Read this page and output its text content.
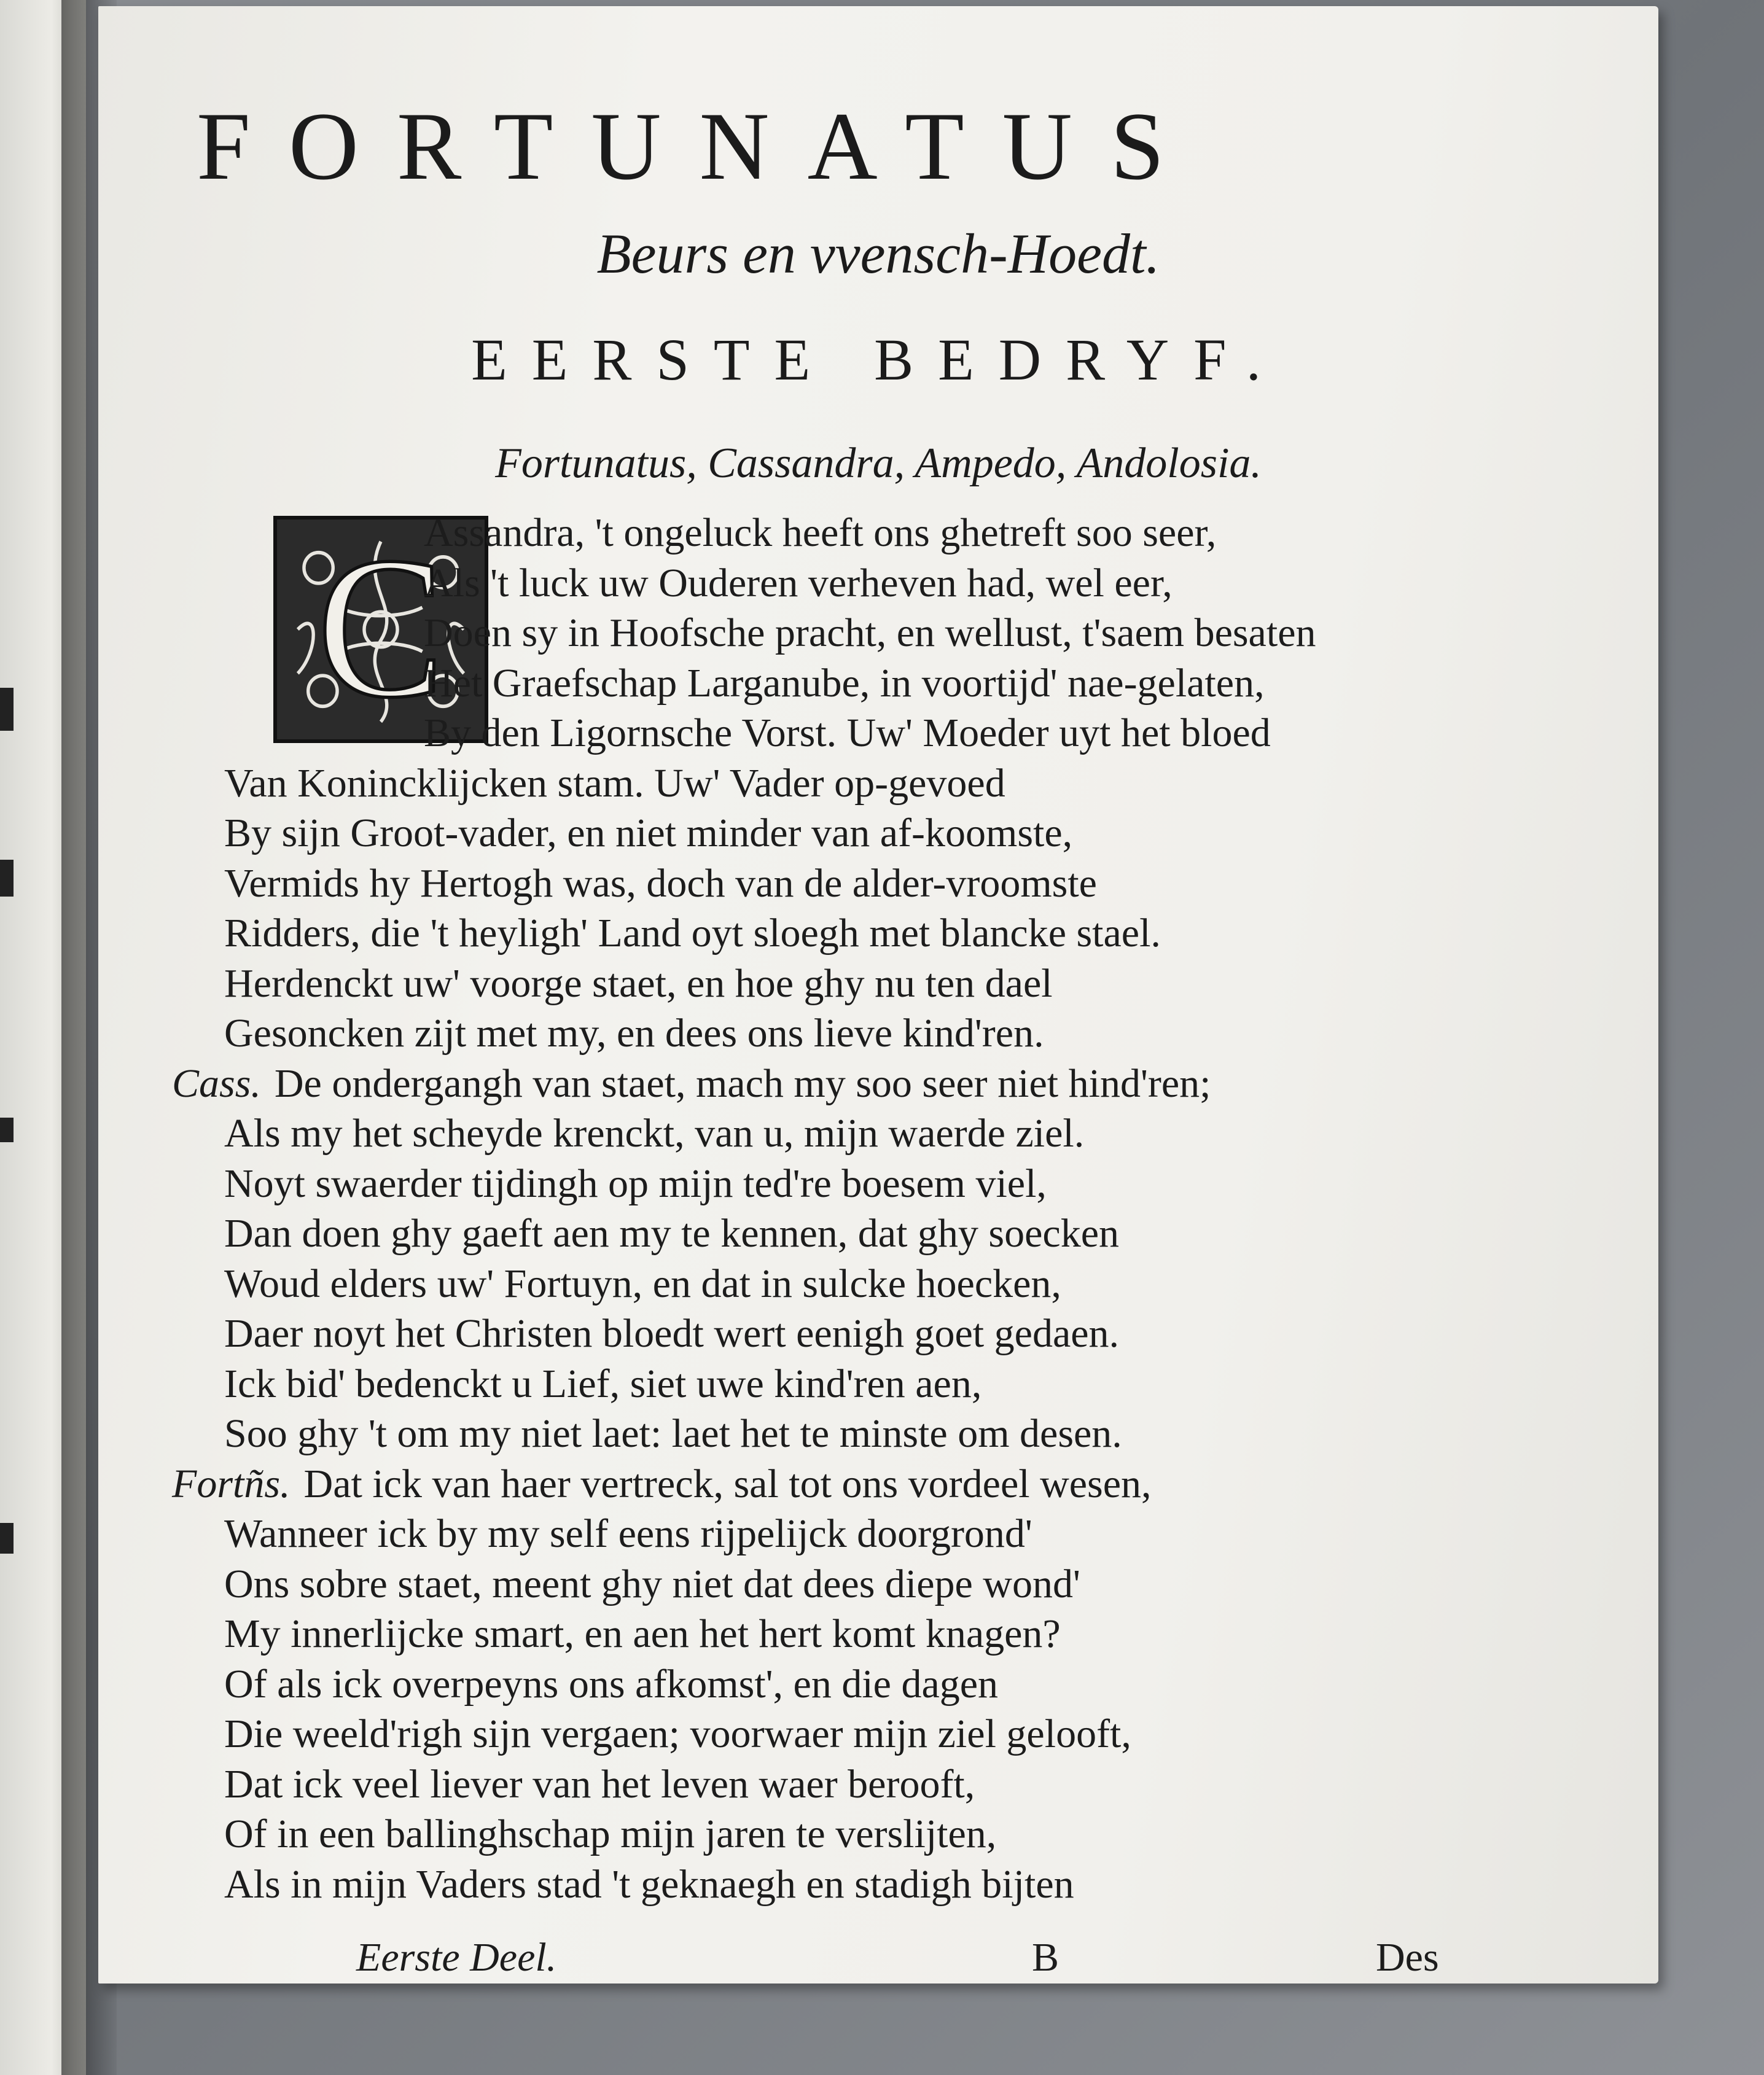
FORTUNATUS
Beurs en vvensch-Hoedt.
EERSTE BEDRYF.
Fortunatus, Cassandra, Ampedo, Andolosia.
C
Assandra, 't ongeluck heeft ons ghetreft soo seer,
Als 't luck uw Ouderen verheven had, wel eer,
Doen sy in Hoofsche pracht, en wellust, t'saem besaten
Het Graefschap Larganube, in voortijd' nae-gelaten,
By den Ligornsche Vorst. Uw' Moeder uyt het bloed
Van Konincklijcken stam. Uw' Vader op-gevoed
By sijn Groot-vader, en niet minder van af-koomste,
Vermids hy Hertogh was, doch van de alder-vroomste
Ridders, die 't heyligh' Land oyt sloegh met blancke stael.
Herdenckt uw' voorge staet, en hoe ghy nu ten dael
Gesoncken zijt met my, en dees ons lieve kind'ren.
Cass. De ondergangh van staet, mach my soo seer niet hind'ren;
Als my het scheyde krenckt, van u, mijn waerde ziel.
Noyt swaerder tijdingh op mijn ted're boesem viel,
Dan doen ghy gaeft aen my te kennen, dat ghy soecken
Woud elders uw' Fortuyn, en dat in sulcke hoecken,
Daer noyt het Christen bloedt wert eenigh goet gedaen.
Ick bid' bedenckt u Lief, siet uwe kind'ren aen,
Soo ghy 't om my niet laet: laet het te minste om desen.
Fortñs. Dat ick van haer vertreck, sal tot ons vordeel wesen,
Wanneer ick by my self eens rijpelijck doorgrond'
Ons sobre staet, meent ghy niet dat dees diepe wond'
My innerlijcke smart, en aen het hert komt knagen?
Of als ick overpeyns ons afkomst', en die dagen
Die weeld'righ sijn vergaen; voorwaer mijn ziel gelooft,
Dat ick veel liever van het leven waer berooft,
Of in een ballinghschap mijn jaren te verslijten,
Als in mijn Vaders stad 't geknaegh en stadigh bijten
Eerste Deel.	B	Des
